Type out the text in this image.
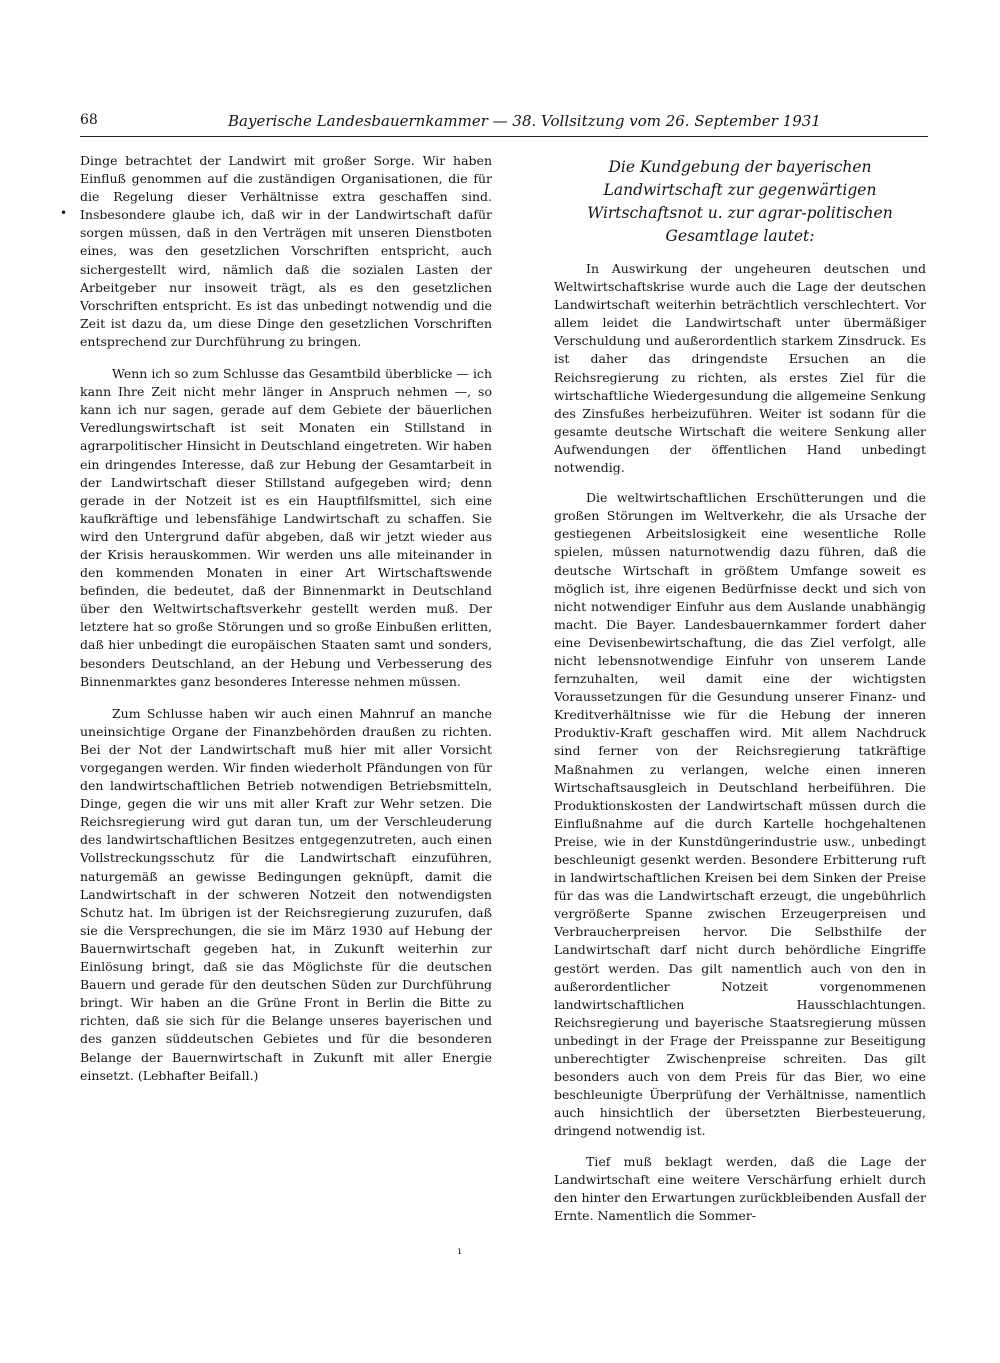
68	Bayerische Landesbauernkammer — 38. Vollsitzung vom 26. September 1931
•

Dinge betrachtet der Landwirt mit großer Sorge. Wir haben Einfluß genommen auf die zuständigen Organisationen, die für die Regelung dieser Verhältnisse extra geschaffen sind. Insbesondere glaube ich, daß wir in der Landwirtschaft dafür sorgen müssen, daß in den Verträgen mit unseren Dienstboten eines, was den gesetzlichen Vorschriften entspricht, auch sichergestellt wird, nämlich daß die sozialen Lasten der Arbeitgeber nur insoweit trägt, als es den gesetzlichen Vorschriften entspricht. Es ist das unbedingt notwendig und die Zeit ist dazu da, um diese Dinge den gesetzlichen Vorschriften entsprechend zur Durchführung zu bringen.

Wenn ich so zum Schlusse das Gesamtbild überblicke — ich kann Ihre Zeit nicht mehr länger in Anspruch nehmen —, so kann ich nur sagen, gerade auf dem Gebiete der bäuerlichen Veredlungswirtschaft ist seit Monaten ein Stillstand in agrarpolitischer Hinsicht in Deutschland eingetreten. Wir haben ein dringendes Interesse, daß zur Hebung der Gesamtarbeit in der Landwirtschaft dieser Stillstand aufgegeben wird; denn gerade in der Notzeit ist es ein Hauptfilfsmittel, sich eine kaufkräftige und lebensfähige Landwirtschaft zu schaffen. Sie wird den Untergrund dafür abgeben, daß wir jetzt wieder aus der Krisis herauskommen. Wir werden uns alle miteinander in den kommenden Monaten in einer Art Wirtschaftswende befinden, die bedeutet, daß der Binnenmarkt in Deutschland über den Weltwirtschaftsverkehr gestellt werden muß. Der letztere hat so große Störungen und so große Einbußen erlitten, daß hier unbedingt die europäischen Staaten samt und sonders, besonders Deutschland, an der Hebung und Verbesserung des Binnenmarktes ganz besonderes Interesse nehmen müssen.

Zum Schlusse haben wir auch einen Mahnruf an manche uneinsichtige Organe der Finanzbehörden draußen zu richten. Bei der Not der Landwirtschaft muß hier mit aller Vorsicht vorgegangen werden. Wir finden wiederholt Pfändungen von für den landwirtschaftlichen Betrieb notwendigen Betriebsmitteln, Dinge, gegen die wir uns mit aller Kraft zur Wehr setzen. Die Reichsregierung wird gut daran tun, um der Verschleuderung des landwirtschaftlichen Besitzes entgegenzutreten, auch einen Vollstreckungsschutz für die Landwirtschaft einzuführen, naturgemäß an gewisse Bedingungen geknüpft, damit die Landwirtschaft in der schweren Notzeit den notwendigsten Schutz hat. Im übrigen ist der Reichsregierung zuzurufen, daß sie die Versprechungen, die sie im März 1930 auf Hebung der Bauernwirtschaft gegeben hat, in Zukunft weiterhin zur Einlösung bringt, daß sie das Möglichste für die deutschen Bauern und gerade für den deutschen Süden zur Durchführung bringt. Wir haben an die Grüne Front in Berlin die Bitte zu richten, daß sie sich für die Belange unseres bayerischen und des ganzen süddeutschen Gebietes und für die besonderen Belange der Bauernwirtschaft in Zukunft mit aller Energie einsetzt. (Lebhafter Beifall.)

Die Kundgebung der bayerischen Landwirtschaft zur gegenwärtigen Wirtschaftsnot u. zur agrar-politischen Gesamtlage lautet:

In Auswirkung der ungeheuren deutschen und Weltwirtschaftskrise wurde auch die Lage der deutschen Landwirtschaft weiterhin beträchtlich verschlechtert. Vor allem leidet die Landwirtschaft unter übermäßiger Verschuldung und außerordentlich starkem Zinsdruck. Es ist daher das dringendste Ersuchen an die Reichsregierung zu richten, als erstes Ziel für die wirtschaftliche Wiedergesundung die allgemeine Senkung des Zinsfußes herbeizuführen. Weiter ist sodann für die gesamte deutsche Wirtschaft die weitere Senkung aller Aufwendungen der öffentlichen Hand unbedingt notwendig.

Die weltwirtschaftlichen Erschütterungen und die großen Störungen im Weltverkehr, die als Ursache der gestiegenen Arbeitslosigkeit eine wesentliche Rolle spielen, müssen naturnotwendig dazu führen, daß die deutsche Wirtschaft in größtem Umfange soweit es möglich ist, ihre eigenen Bedürfnisse deckt und sich von nicht notwendiger Einfuhr aus dem Auslande unabhängig macht. Die Bayer. Landesbauernkammer fordert daher eine Devisenbewirtschaftung, die das Ziel verfolgt, alle nicht lebensnotwendige Einfuhr von unserem Lande fernzuhalten, weil damit eine der wichtigsten Voraussetzungen für die Gesundung unserer Finanz- und Kreditverhältnisse wie für die Hebung der inneren Produktiv-Kraft geschaffen wird. Mit allem Nachdruck sind ferner von der Reichsregierung tatkräftige Maßnahmen zu verlangen, welche einen inneren Wirtschaftsausgleich in Deutschland herbeiführen. Die Produktionskosten der Landwirtschaft müssen durch die Einflußnahme auf die durch Kartelle hochgehaltenen Preise, wie in der Kunstdüngerindustrie usw., unbedingt beschleunigt gesenkt werden. Besondere Erbitterung ruft in landwirtschaftlichen Kreisen bei dem Sinken der Preise für das was die Landwirtschaft erzeugt, die ungebührlich vergrößerte Spanne zwischen Erzeugerpreisen und Verbraucherpreisen hervor. Die Selbsthilfe der Landwirtschaft darf nicht durch behördliche Eingriffe gestört werden. Das gilt namentlich auch von den in außerordentlicher Notzeit vorgenommenen landwirtschaftlichen Hausschlachtungen. Reichsregierung und bayerische Staatsregierung müssen unbedingt in der Frage der Preisspanne zur Beseitigung unberechtigter Zwischenpreise schreiten. Das gilt besonders auch von dem Preis für das Bier, wo eine beschleunigte Überprüfung der Verhältnisse, namentlich auch hinsichtlich der übersetzten Bierbesteuerung, dringend notwendig ist.

Tief muß beklagt werden, daß die Lage der Landwirtschaft eine weitere Verschärfung erhielt durch den hinter den Erwartungen zurückbleibenden Ausfall der Ernte. Namentlich die Sommer-

ı
